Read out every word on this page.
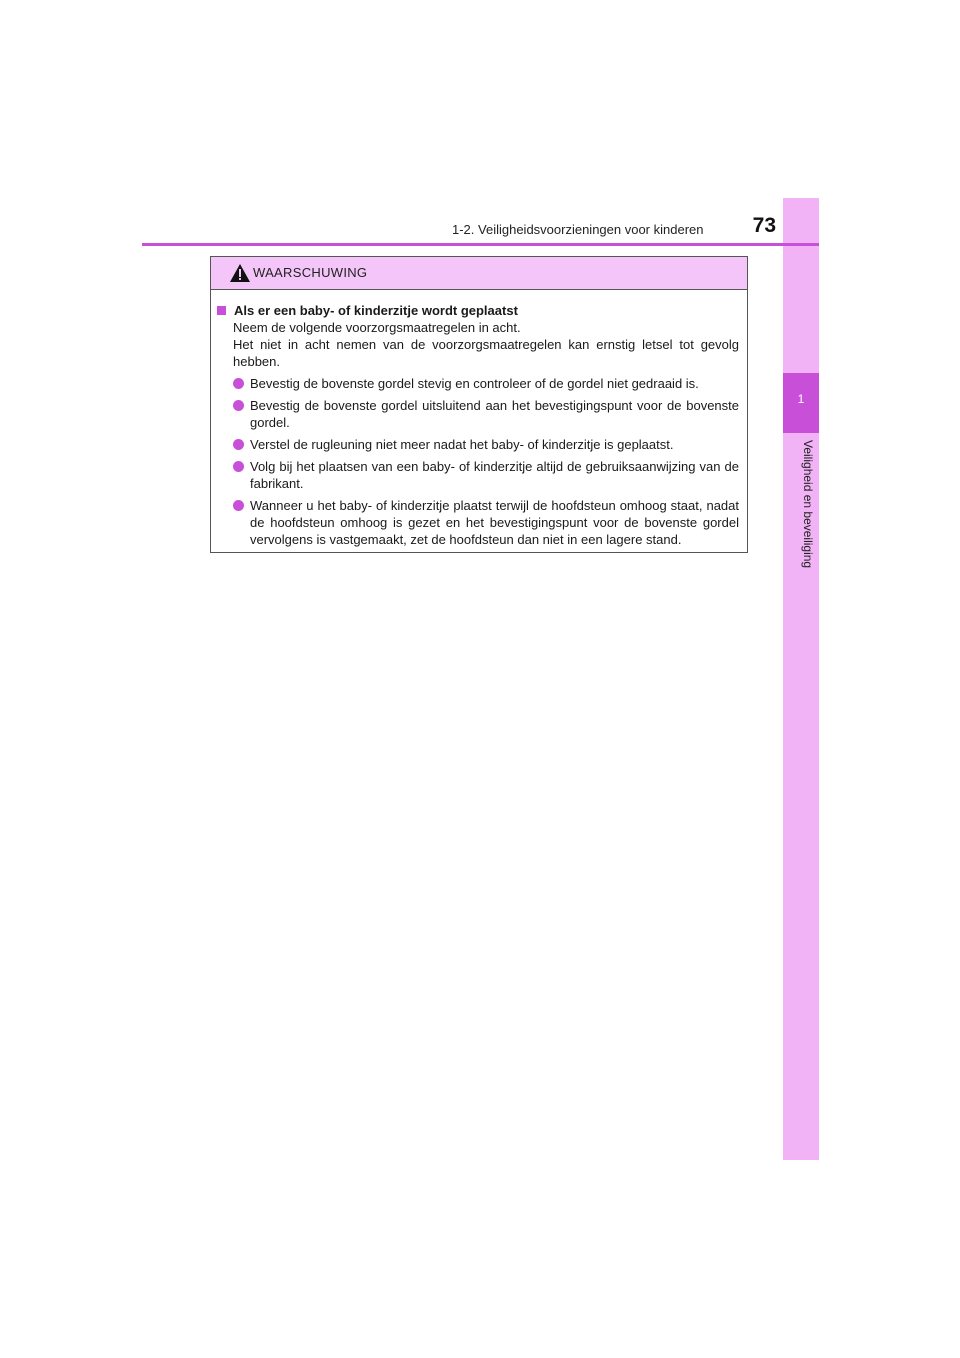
1
Veiligheid en beveiliging
1-2. Veiligheidsvoorzieningen voor kinderen	73
WAARSCHUWING
Als er een baby- of kinderzitje wordt geplaatst
Neem de volgende voorzorgsmaatregelen in acht.
Het niet in acht nemen van de voorzorgsmaatregelen kan ernstig letsel tot gevolg hebben.
Bevestig de bovenste gordel stevig en controleer of de gordel niet gedraaid is.
Bevestig de bovenste gordel uitsluitend aan het bevestigingspunt voor de bovenste gordel.
Verstel de rugleuning niet meer nadat het baby- of kinderzitje is geplaatst.
Volg bij het plaatsen van een baby- of kinderzitje altijd de gebruiksaanwijzing van de fabrikant.
Wanneer u het baby- of kinderzitje plaatst terwijl de hoofdsteun omhoog staat, nadat de hoofdsteun omhoog is gezet en het bevestigingspunt voor de bovenste gordel vervolgens is vastgemaakt, zet de hoofdsteun dan niet in een lagere stand.
